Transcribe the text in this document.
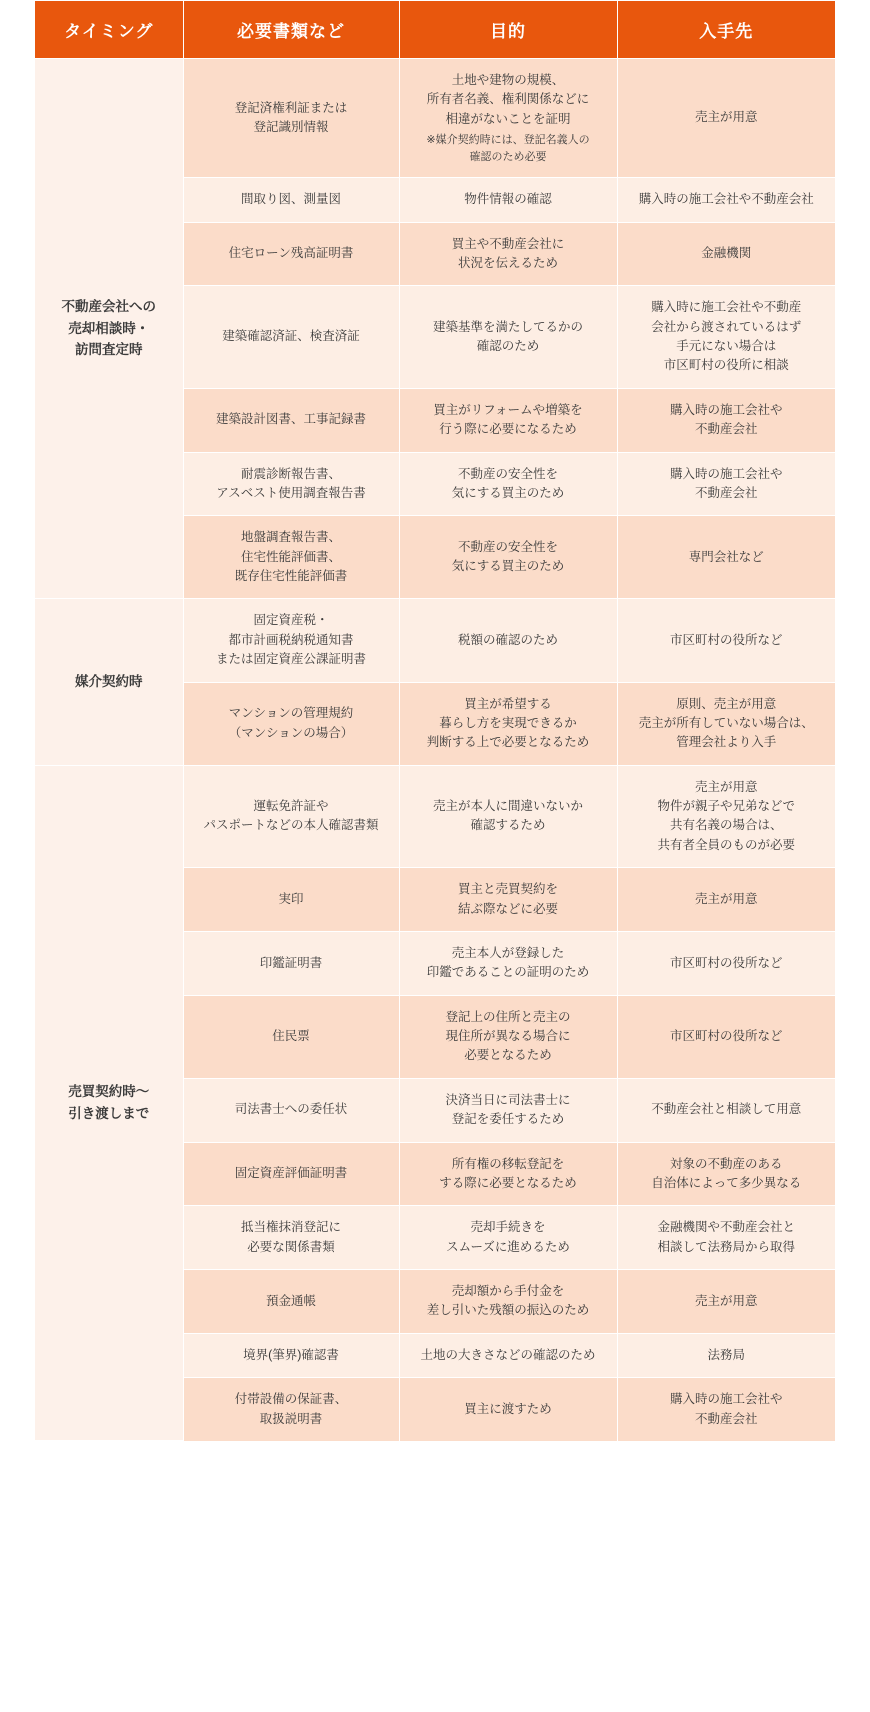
タイミング	必要書類など	目的	入手先

不動産会社への
売却相談時・
訪問査定時	登記済権利証または
登記識別情報	土地や建物の規模、
所有者名義、権利関係などに
相違がないことを証明
※媒介契約時には、登記名義人の
確認のため必要	売主が用意

	間取り図、測量図	物件情報の確認	購入時の施工会社や不動産会社

	住宅ローン残高証明書	買主や不動産会社に
状況を伝えるため	金融機関

	建築確認済証、検査済証	建築基準を満たしてるかの
確認のため	購入時に施工会社や不動産
会社から渡されているはず
手元にない場合は
市区町村の役所に相談

	建築設計図書、工事記録書	買主がリフォームや増築を
行う際に必要になるため	購入時の施工会社や
不動産会社

	耐震診断報告書、
アスベスト使用調査報告書	不動産の安全性を
気にする買主のため	購入時の施工会社や
不動産会社

	地盤調査報告書、
住宅性能評価書、
既存住宅性能評価書	不動産の安全性を
気にする買主のため	専門会社など

媒介契約時	固定資産税・
都市計画税納税通知書
または固定資産公課証明書	税額の確認のため	市区町村の役所など

	マンションの管理規約
（マンションの場合）	買主が希望する
暮らし方を実現できるか
判断する上で必要となるため	原則、売主が用意
売主が所有していない場合は、
管理会社より入手

売買契約時〜
引き渡しまで	運転免許証や
パスポートなどの本人確認書類	売主が本人に間違いないか
確認するため	売主が用意
物件が親子や兄弟などで
共有名義の場合は、
共有者全員のものが必要

	実印	買主と売買契約を
結ぶ際などに必要	売主が用意

	印鑑証明書	売主本人が登録した
印鑑であることの証明のため	市区町村の役所など

	住民票	登記上の住所と売主の
現住所が異なる場合に
必要となるため	市区町村の役所など

	司法書士への委任状	決済当日に司法書士に
登記を委任するため	不動産会社と相談して用意

	固定資産評価証明書	所有権の移転登記を
する際に必要となるため	対象の不動産のある
自治体によって多少異なる

	抵当権抹消登記に
必要な関係書類	売却手続きを
スムーズに進めるため	金融機関や不動産会社と
相談して法務局から取得

	預金通帳	売却額から手付金を
差し引いた残額の振込のため	売主が用意

	境界(筆界)確認書	土地の大きさなどの確認のため	法務局

	付帯設備の保証書、
取扱説明書	買主に渡すため	購入時の施工会社や
不動産会社
